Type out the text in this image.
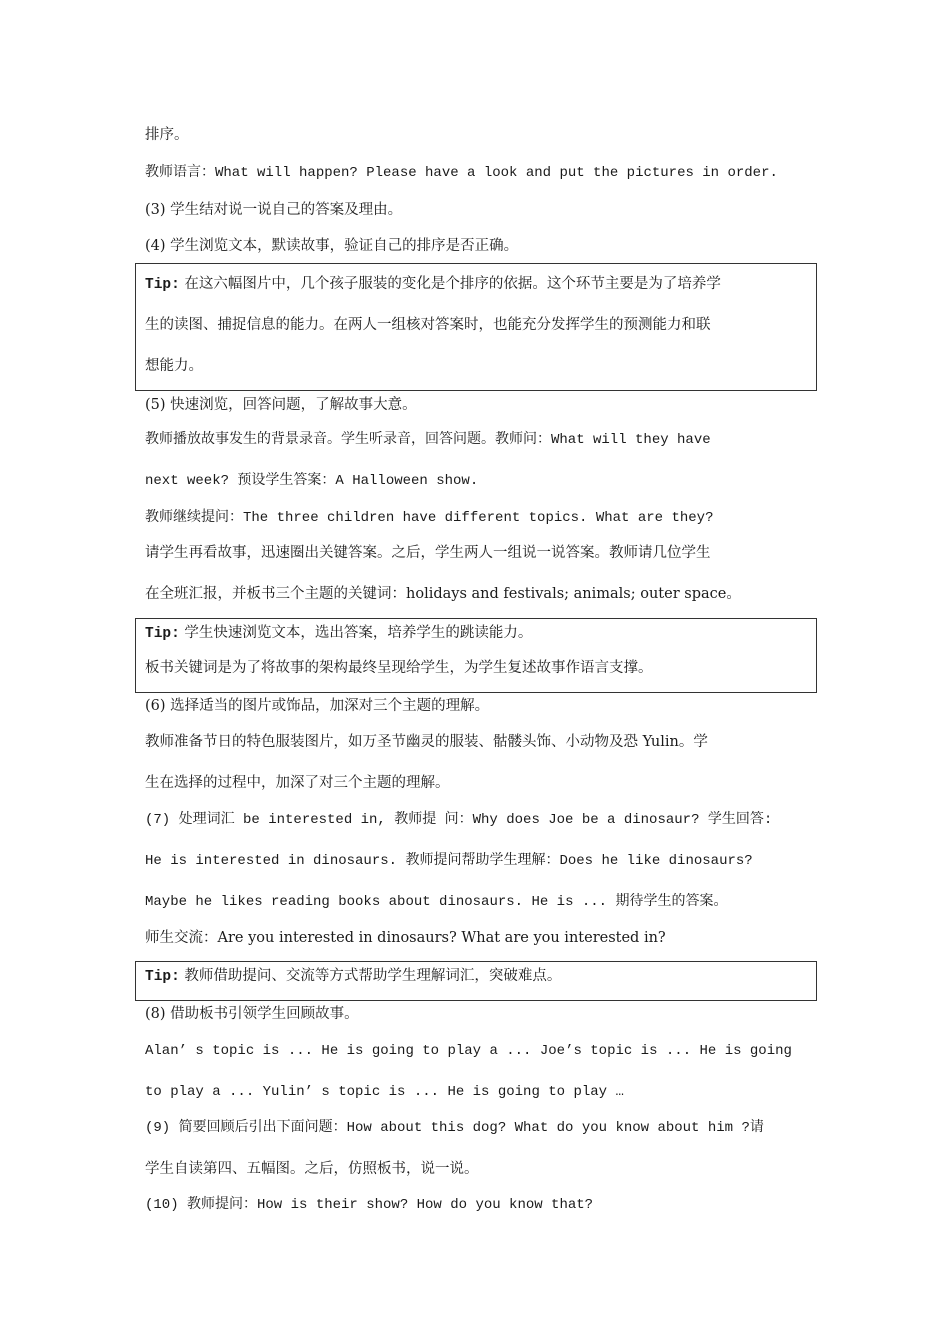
排序。
教师语言：What will happen? Please have a look and put the pictures in order.
(3) 学生结对说一说自己的答案及理由。
(4) 学生浏览文本，默读故事，验证自己的排序是否正确。
Tip: 在这六幅图片中，几个孩子服装的变化是个排序的依据。这个环节主要是为了培养学
生的读图、捕捉信息的能力。在两人一组核对答案时，也能充分发挥学生的预测能力和联
想能力。
(5) 快速浏览，回答问题，了解故事大意。
教师播放故事发生的背景录音。学生听录音，回答问题。教师问：What will they have
next week? 预设学生答案：A Halloween show.
教师继续提问：The three children have different topics. What are they?
请学生再看故事，迅速圈出关键答案。之后，学生两人一组说一说答案。教师请几位学生
在全班汇报，并板书三个主题的关键词：holidays and festivals; animals; outer space。
Tip: 学生快速浏览文本，选出答案，培养学生的跳读能力。
板书关键词是为了将故事的架构最终呈现给学生，为学生复述故事作语言支撑。
(6) 选择适当的图片或饰品，加深对三个主题的理解。
教师准备节日的特色服装图片，如万圣节幽灵的服装、骷髅头饰、小动物及恐 Yulin。学
生在选择的过程中，加深了对三个主题的理解。
(7) 处理词汇 be interested in, 教师提 问：Why does Joe be a dinosaur? 学生回答:
He is interested in dinosaurs. 教师提问帮助学生理解：Does he like dinosaurs?
Maybe he likes reading books about dinosaurs. He is ... 期待学生的答案。
师生交流：Are you interested in dinosaurs? What are you interested in?
Tip: 教师借助提问、交流等方式帮助学生理解词汇，突破难点。
(8) 借助板书引领学生回顾故事。
Alan’ s topic is ... He is going to play a ... Joe’s topic is ... He is going
to play a ... Yulin’ s topic is ... He is going to play …
(9) 简要回顾后引出下面问题：How about this dog? What do you know about him ?请
学生自读第四、五幅图。之后，仿照板书，说一说。
(10) 教师提问：How is their show? How do you know that?
